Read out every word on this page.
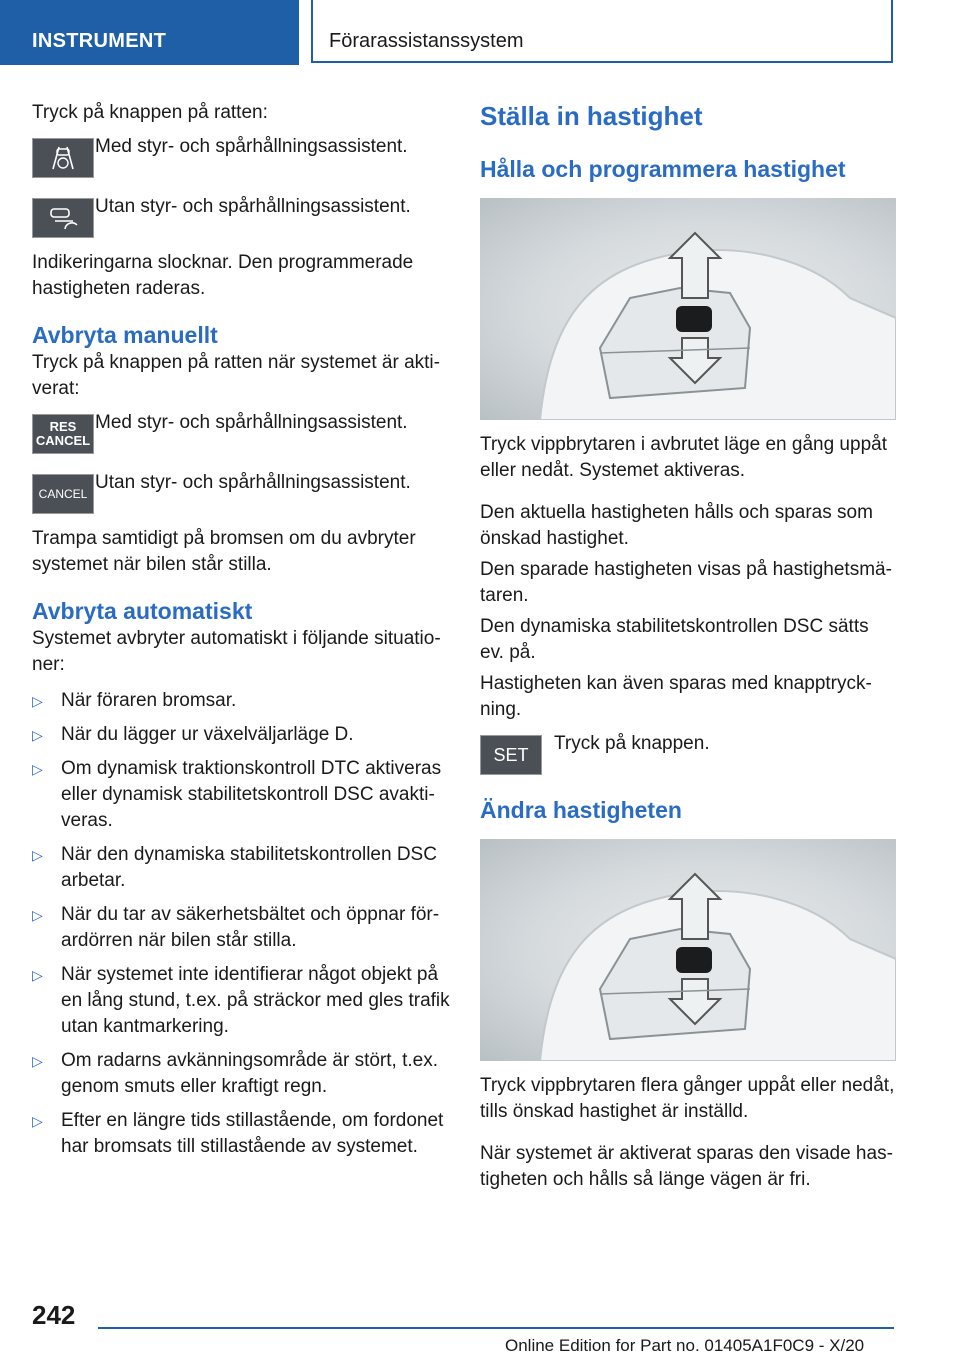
INSTRUMENT	Förarassistanssystem

Tryck på knappen på ratten:

Med styr- och spårhållningsassistent.
Utan styr- och spårhållningsassistent.

Indikeringarna slocknar. Den programmerade hastigheten raderas.

Avbryta manuellt

Tryck på knappen på ratten när systemet är akti- verat:

RES
CANCEL
Med styr- och spårhållningsassistent.
CANCEL
Utan styr- och spårhållningsassistent.

Trampa samtidigt på bromsen om du avbryter systemet när bilen står stilla.

Avbryta automatiskt

Systemet avbryter automatiskt i följande situatio- ner:

▷ När föraren bromsar.
▷ När du lägger ur växelväljarläge D.
▷ Om dynamisk traktionskontroll DTC aktiveras eller dynamisk stabilitetskontroll DSC avakti- veras.
▷ När den dynamiska stabilitetskontrollen DSC arbetar.
▷ När du tar av säkerhetsbältet och öppnar för- ardörren när bilen står stilla.
▷ När systemet inte identifierar något objekt på en lång stund, t.ex. på sträckor med gles trafik utan kantmarkering.
▷ Om radarns avkänningsområde är stört, t.ex. genom smuts eller kraftigt regn.
▷ Efter en längre tids stillastående, om fordonet har bromsats till stillastående av systemet.
Ställa in hastighet
Hålla och programmera hastighet

Tryck vippbrytaren i avbrutet läge en gång uppåt eller nedåt. Systemet aktiveras.

Den aktuella hastigheten hålls och sparas som önskad hastighet.

Den sparade hastigheten visas på hastighetsmä- taren.

Den dynamiska stabilitetskontrollen DSC sätts ev. på.

Hastigheten kan även sparas med knapptryck- ning.

SET
Tryck på knappen.
Ändra hastigheten

Tryck vippbrytaren flera gånger uppåt eller nedåt, tills önskad hastighet är inställd.

När systemet är aktiverat sparas den visade has- tigheten och hålls så länge vägen är fri.

242
Online Edition for Part no. 01405A1F0C9 - X/20
